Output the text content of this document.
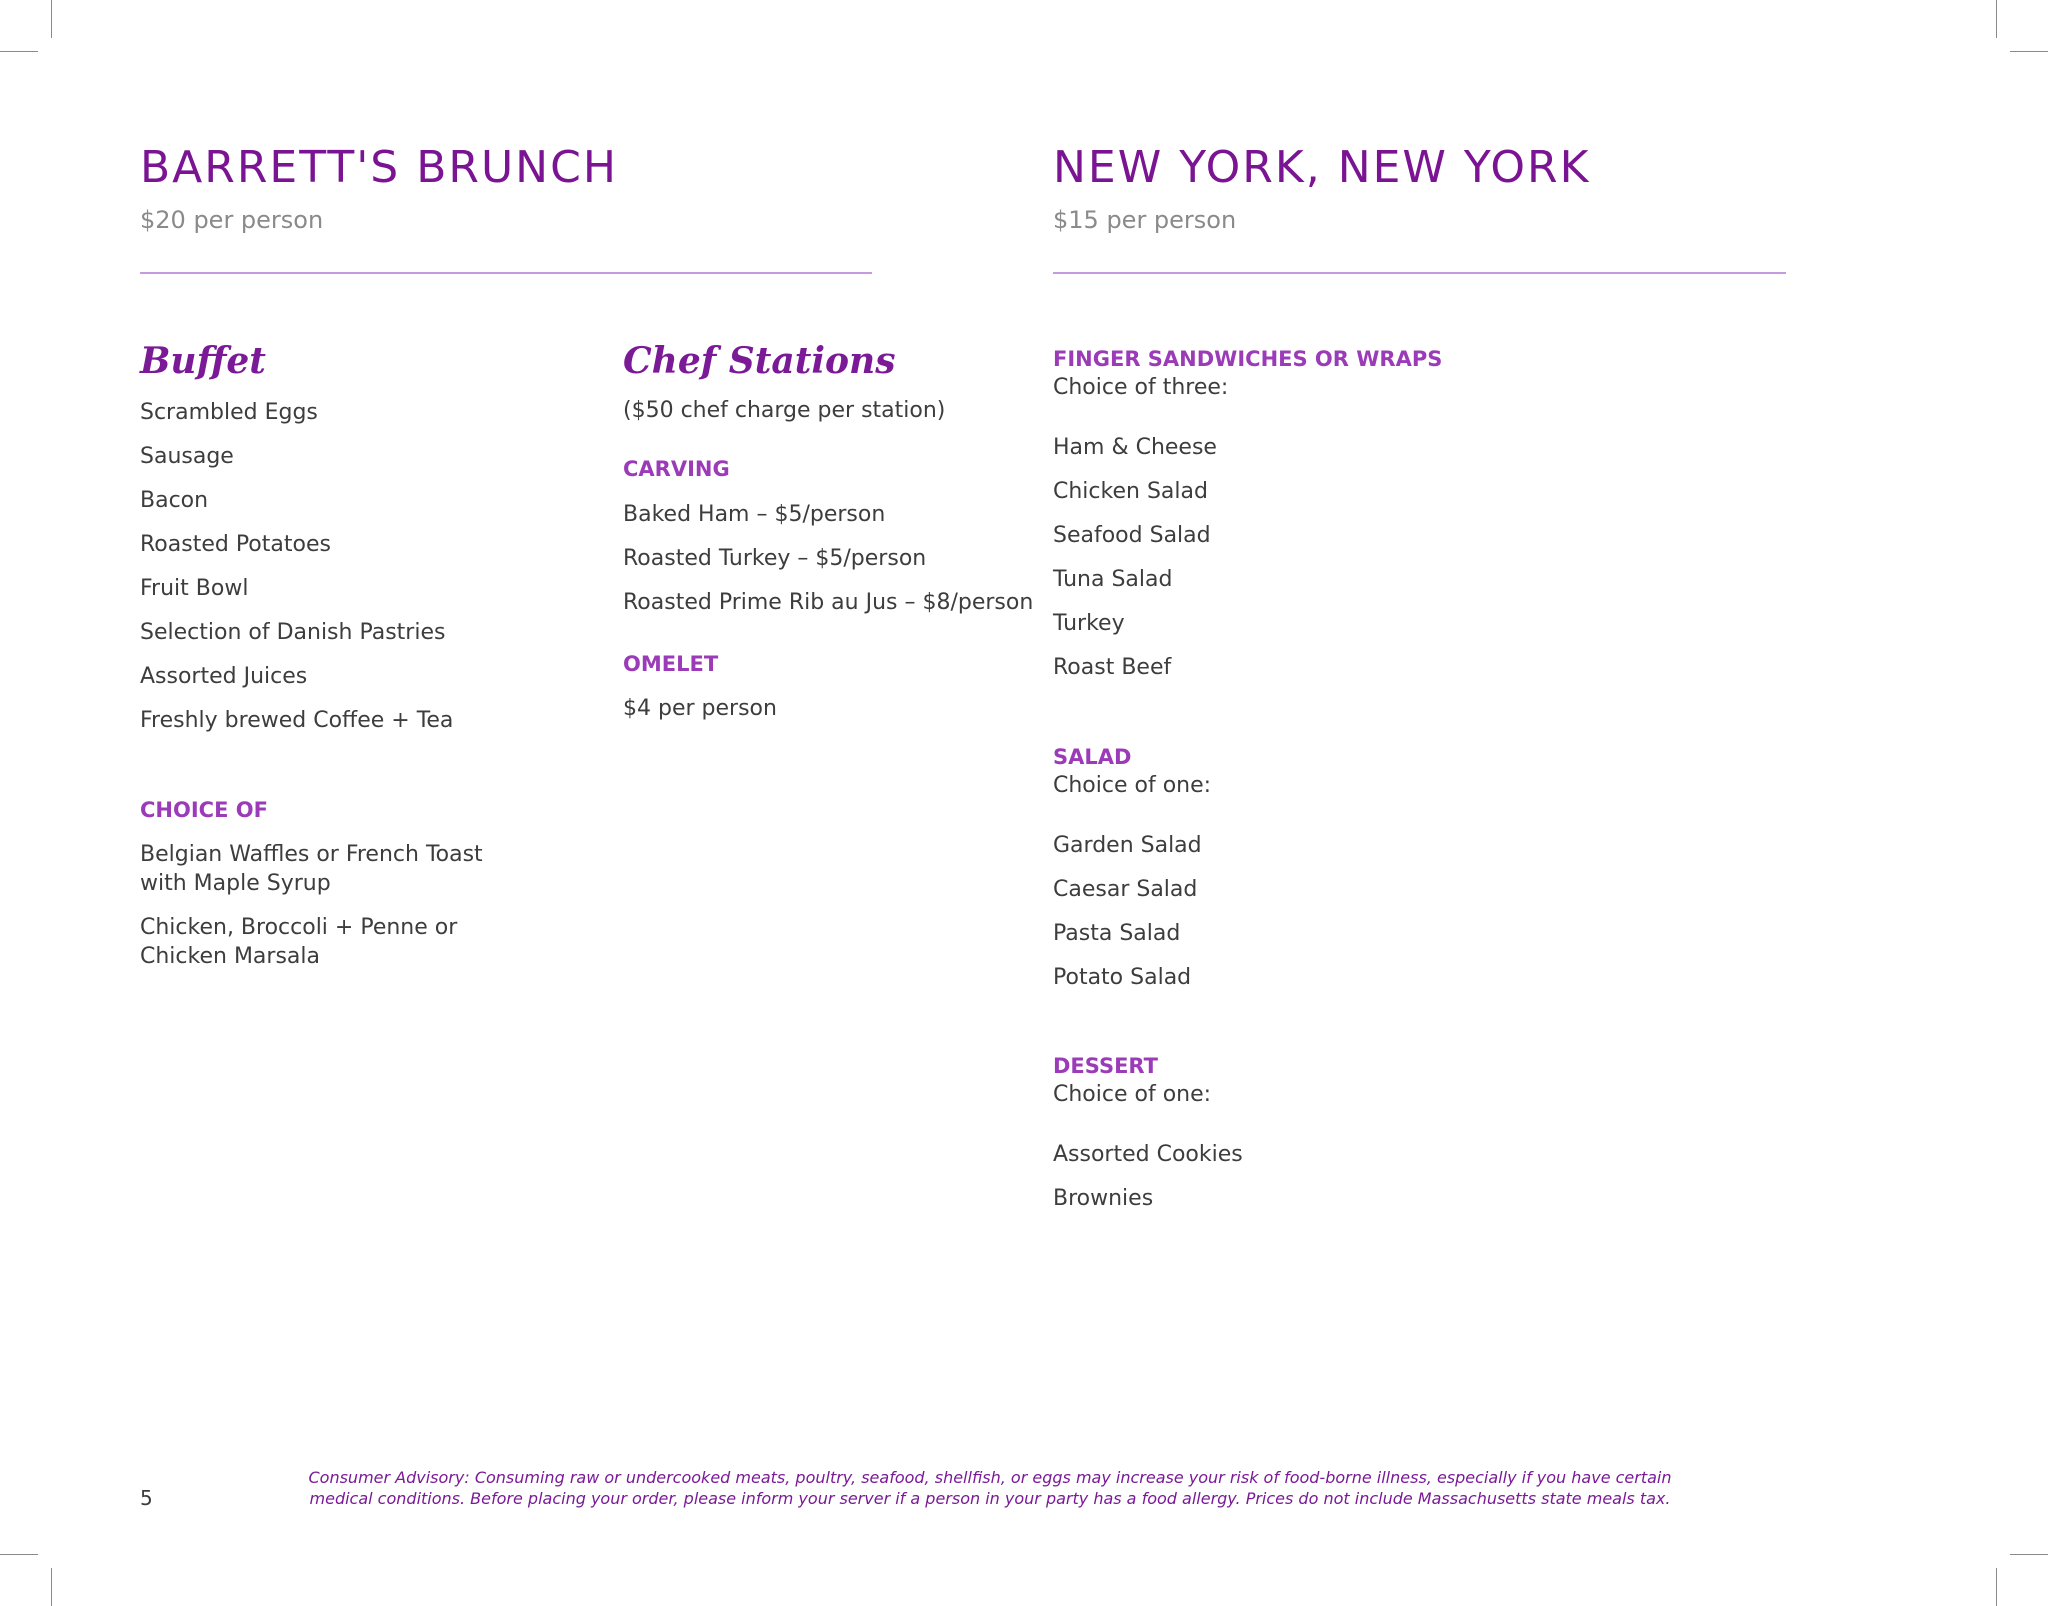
BARRETT'S BRUNCH
$20 per person
Buffet
Scrambled Eggs
Sausage
Bacon
Roasted Potatoes
Fruit Bowl
Selection of Danish Pastries
Assorted Juices
Freshly brewed Coffee + Tea
CHOICE OF
Belgian Waffles or French Toast
with Maple Syrup
Chicken, Broccoli + Penne or
Chicken Marsala
Chef Stations
($50 chef charge per station)
CARVING
Baked Ham – $5/person
Roasted Turkey – $5/person
Roasted Prime Rib au Jus – $8/person
OMELET
$4 per person
NEW YORK, NEW YORK
$15 per person
FINGER SANDWICHES OR WRAPS
Choice of three:
Ham & Cheese
Chicken Salad
Seafood Salad
Tuna Salad
Turkey
Roast Beef
SALAD
Choice of one:
Garden Salad
Caesar Salad
Pasta Salad
Potato Salad
DESSERT
Choice of one:
Assorted Cookies
Brownies
5
Consumer Advisory: Consuming raw or undercooked meats, poultry, seafood, shellfish, or eggs may increase your risk of food-borne illness, especially if you have certain
medical conditions. Before placing your order, please inform your server if a person in your party has a food allergy. Prices do not include Massachusetts state meals tax.
